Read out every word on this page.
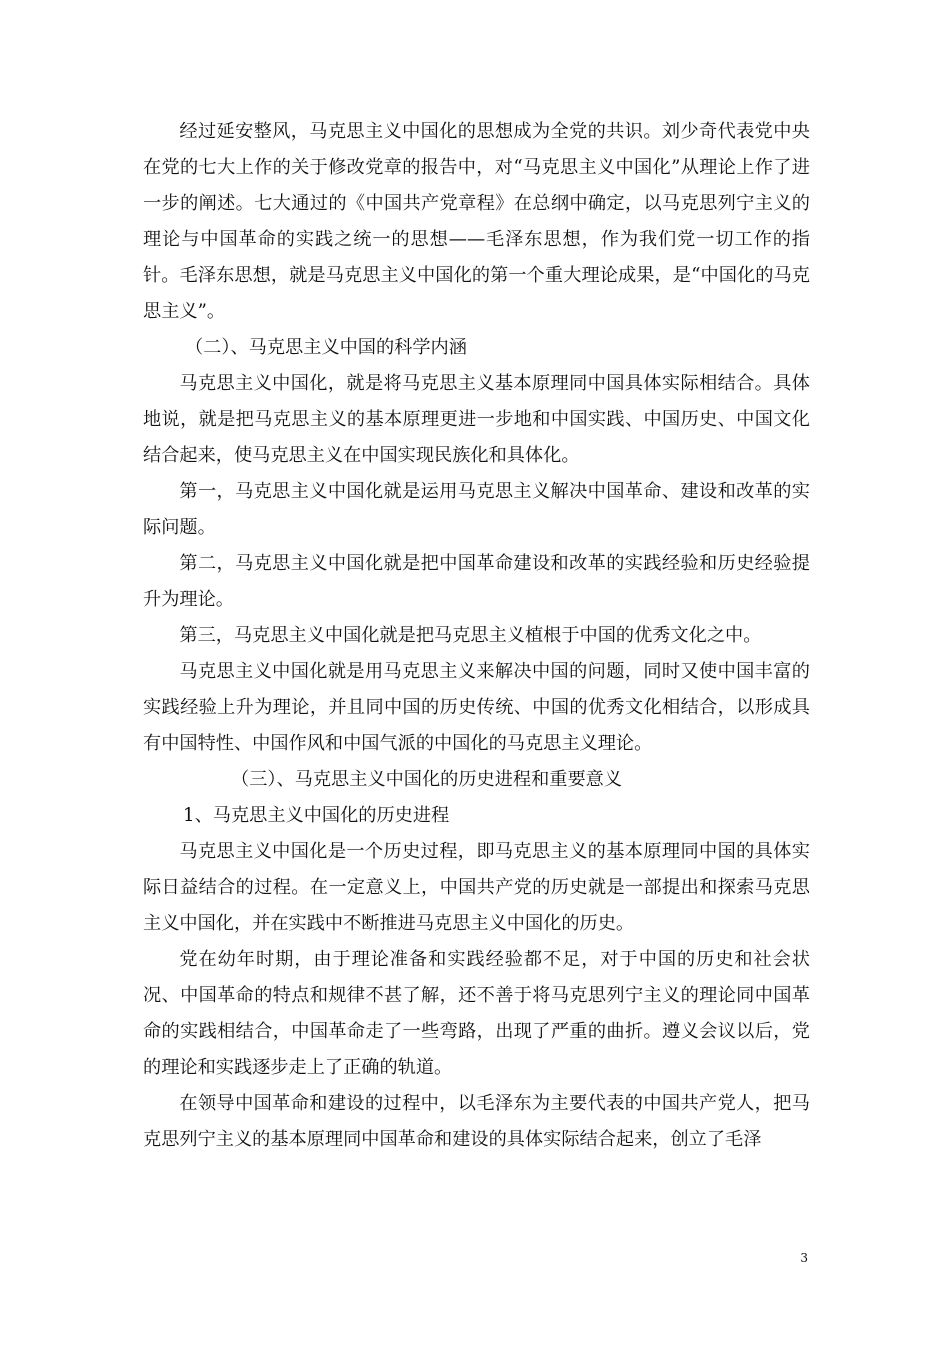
经过延安整风，马克思主义中国化的思想成为全党的共识。刘少奇代表党中央在党的七大上作的关于修改党章的报告中，对“马克思主义中国化”从理论上作了进一步的阐述。七大通过的《中国共产党章程》在总纲中确定，以马克思列宁主义的理论与中国革命的实践之统一的思想——毛泽东思想，作为我们党一切工作的指针。毛泽东思想，就是马克思主义中国化的第一个重大理论成果，是“中国化的马克思主义”。

（二）、马克思主义中国的科学内涵

马克思主义中国化，就是将马克思主义基本原理同中国具体实际相结合。具体地说，就是把马克思主义的基本原理更进一步地和中国实践、中国历史、中国文化结合起来，使马克思主义在中国实现民族化和具体化。

第一，马克思主义中国化就是运用马克思主义解决中国革命、建设和改革的实际问题。

第二，马克思主义中国化就是把中国革命建设和改革的实践经验和历史经验提升为理论。

第三，马克思主义中国化就是把马克思主义植根于中国的优秀文化之中。

马克思主义中国化就是用马克思主义来解决中国的问题，同时又使中国丰富的实践经验上升为理论，并且同中国的历史传统、中国的优秀文化相结合，以形成具有中国特性、中国作风和中国气派的中国化的马克思主义理论。

（三）、马克思主义中国化的历史进程和重要意义

1、马克思主义中国化的历史进程

马克思主义中国化是一个历史过程，即马克思主义的基本原理同中国的具体实际日益结合的过程。在一定意义上，中国共产党的历史就是一部提出和探索马克思主义中国化，并在实践中不断推进马克思主义中国化的历史。

党在幼年时期，由于理论准备和实践经验都不足，对于中国的历史和社会状况、中国革命的特点和规律不甚了解，还不善于将马克思列宁主义的理论同中国革命的实践相结合，中国革命走了一些弯路，出现了严重的曲折。遵义会议以后，党的理论和实践逐步走上了正确的轨道。

在领导中国革命和建设的过程中，以毛泽东为主要代表的中国共产党人，把马克思列宁主义的基本原理同中国革命和建设的具体实际结合起来，创立了毛泽

3
